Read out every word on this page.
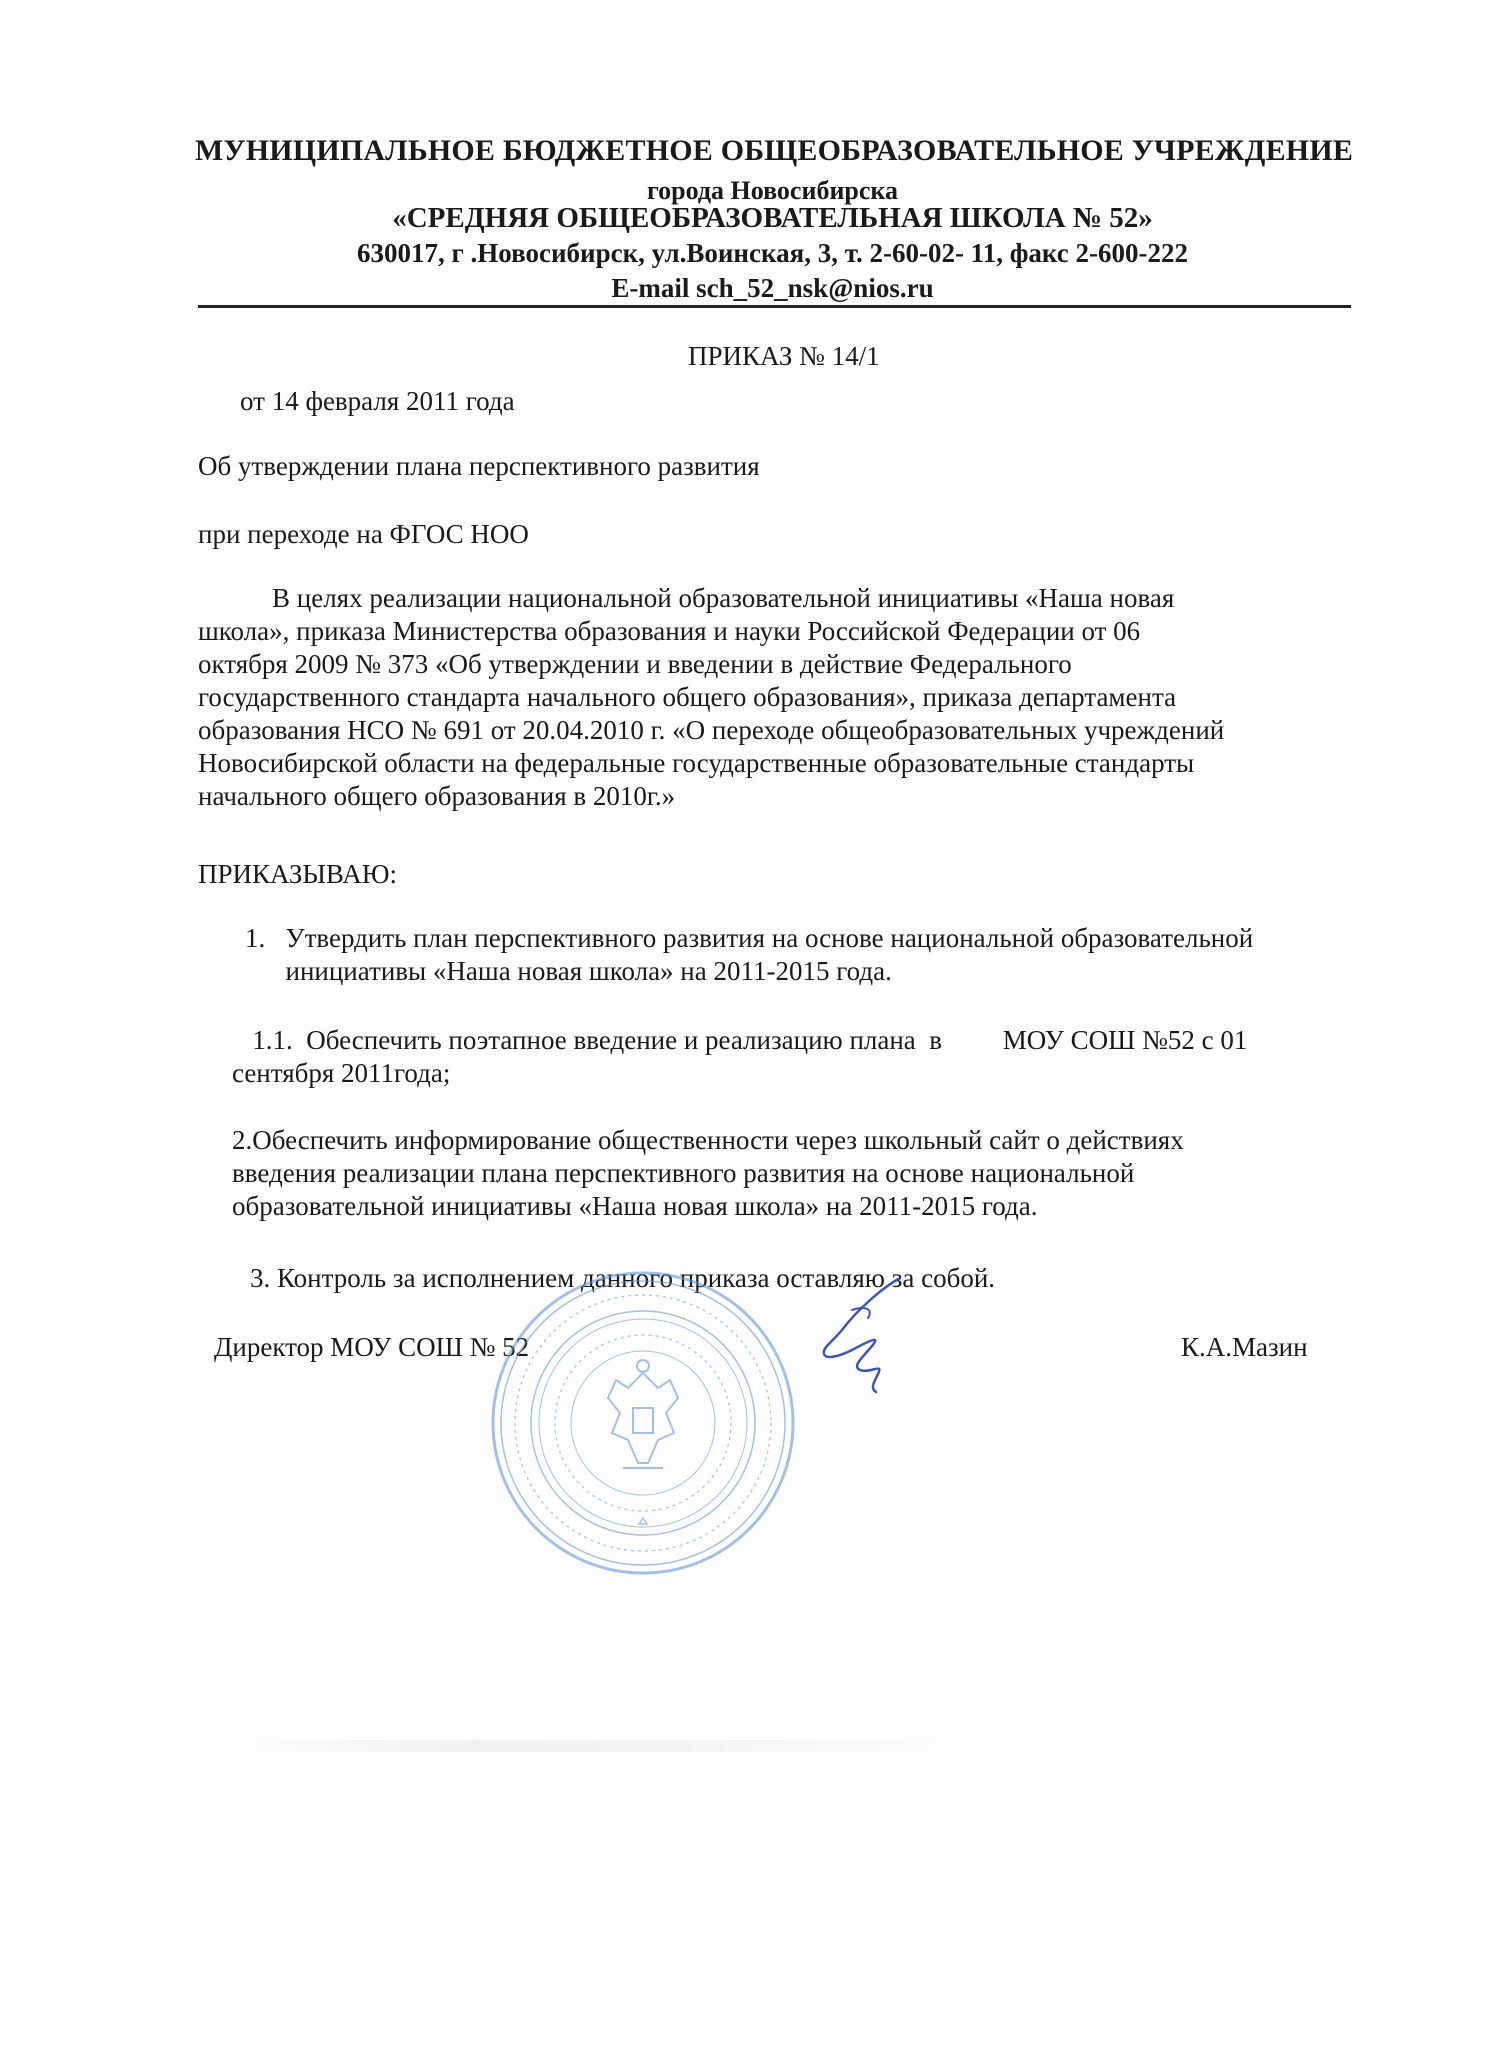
МУНИЦИПАЛЬНОЕ БЮДЖЕТНОЕ ОБЩЕОБРАЗОВАТЕЛЬНОЕ УЧРЕЖДЕНИЕ
города Новосибирска
«СРЕДНЯЯ ОБЩЕОБРАЗОВАТЕЛЬНАЯ ШКОЛА № 52»
630017, г .Новосибирск, ул.Воинская, 3, т. 2-60-02- 11, факс 2-600-222
E-mail sch_52_nsk@nios.ru
ПРИКАЗ № 14/1
от 14 февраля 2011 года
Об утверждении плана перспективного развития
при переходе на ФГОС НОО
В целях реализации национальной образовательной инициативы «Наша новая
школа», приказа Министерства образования и науки Российской Федерации от 06
октября 2009 № 373 «Об утверждении и введении в действие Федерального
государственного стандарта начального общего образования», приказа департамента
образования НСО № 691 от 20.04.2010 г. «О переходе общеобразовательных учреждений
Новосибирской области на федеральные государственные образовательные стандарты
начального общего образования в 2010г.»
ПРИКАЗЫВАЮ:
1.   Утвердить план перспективного развития на основе национальной образовательной
инициативы «Наша новая школа» на 2011-2015 года.
1.1.  Обеспечить поэтапное введение и реализацию плана  в         МОУ СОШ №52 с 01
сентября 2011года;
2.Обеспечить информирование общественности через школьный сайт о действиях
введения реализации плана перспективного развития на основе национальной
образовательной инициативы «Наша новая школа» на 2011-2015 года.
3. Контроль за исполнением данного приказа оставляю за собой.
Директор МОУ СОШ № 52	К.А.Мазин
